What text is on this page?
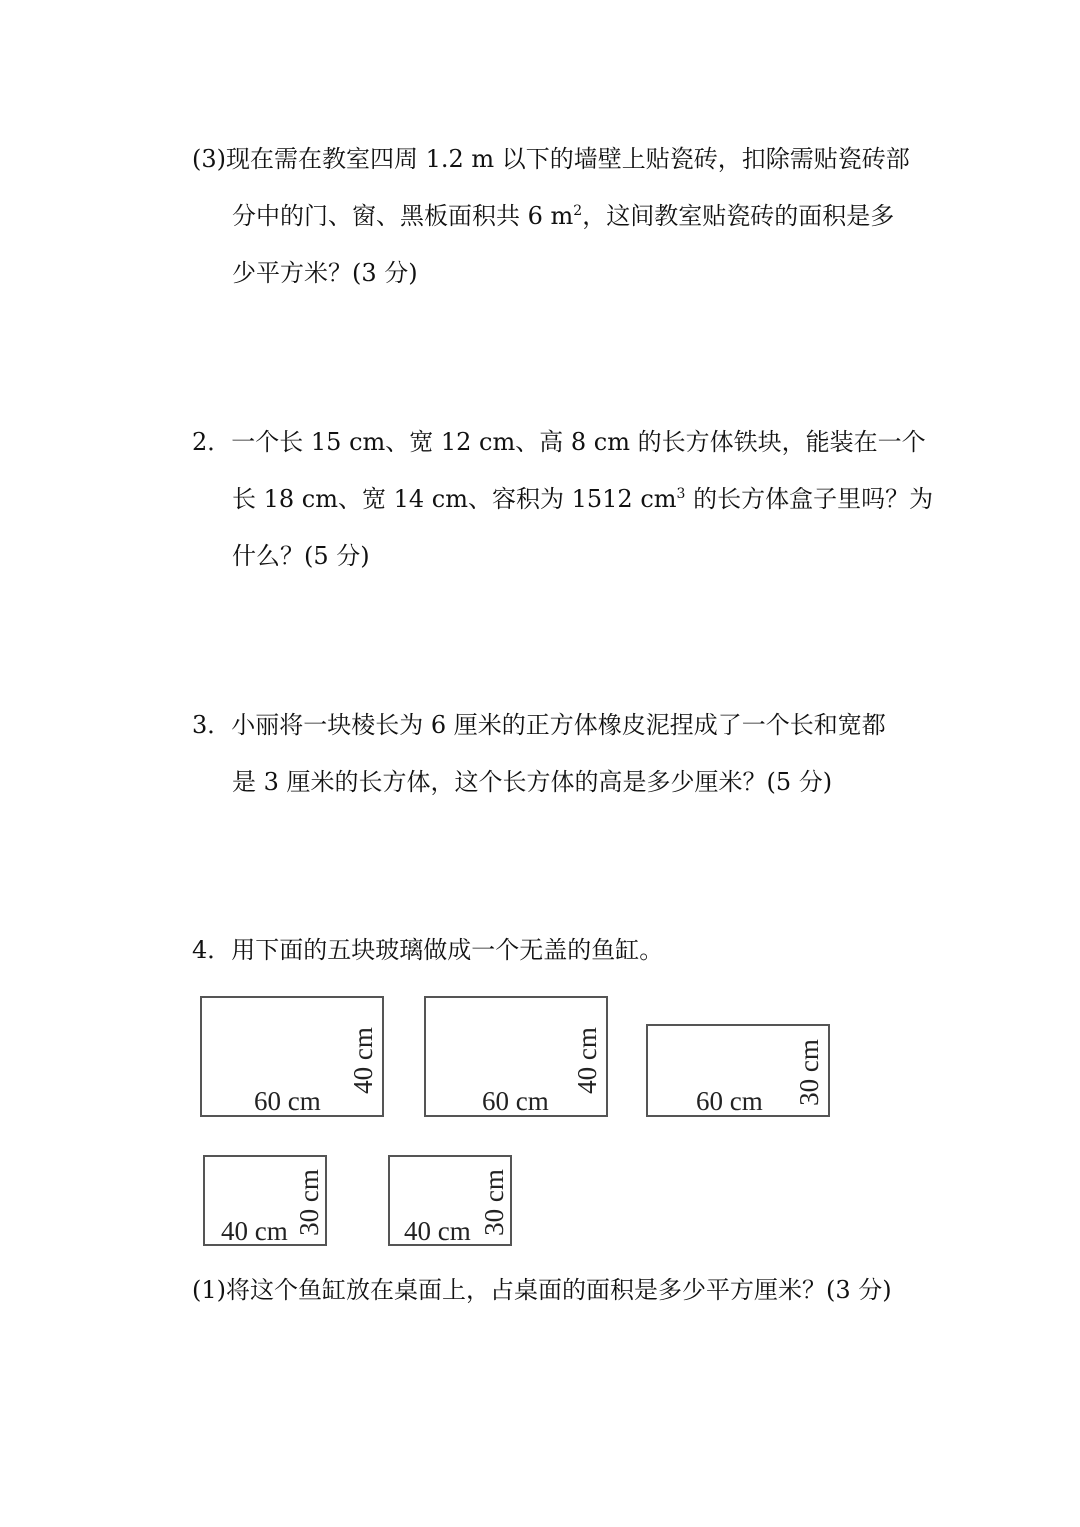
(3)现在需在教室四周 1.2 m 以下的墙壁上贴瓷砖，扣除需贴瓷砖部
分中的门、窗、黑板面积共 6 $m^2$，这间教室贴瓷砖的面积是多
少平方米？(3 分)
2．一个长 15 cm、宽 12 cm、高 8 cm 的长方体铁块，能装在一个
长 18 cm、宽 14 cm、容积为 1512 $cm^3$ 的长方体盒子里吗？为
什么？(5 分)
3．小丽将一块棱长为 6 厘米的正方体橡皮泥捏成了一个长和宽都
是 3 厘米的长方体，这个长方体的高是多少厘米？(5 分)
4．用下面的五块玻璃做成一个无盖的鱼缸。
60 cm
40 cm
60 cm
40 cm
60 cm 30 cm
40 cm 30 cm	40 cm 30 cm
(1)将这个鱼缸放在桌面上，占桌面的面积是多少平方厘米？(3 分)
